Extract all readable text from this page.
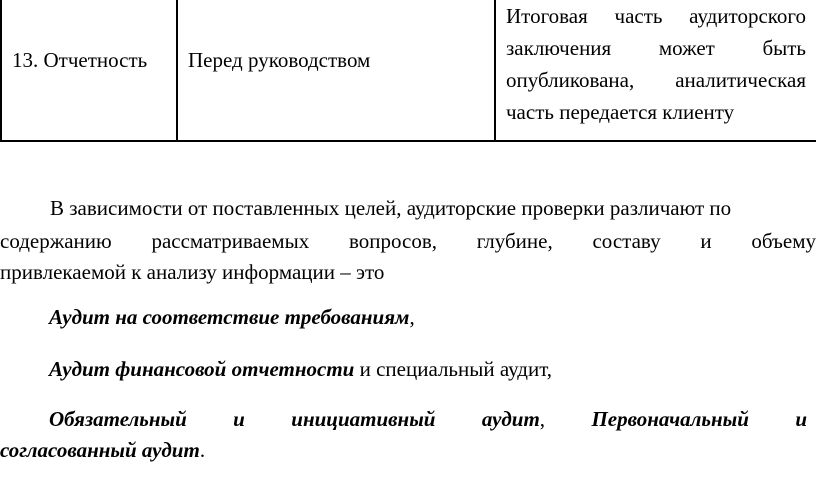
13. Отчетность Перед руководством
Итоговая часть аудиторского
заключения может быть
опубликована, аналитическая
часть передается клиенту
В зависимости от поставленных целей, аудиторские проверки различают по
содержанию рассматриваемых вопросов, глубине, составу и объему
привлекаемой к анализу информации – это
Аудит на соответствие требованиям,
Аудит финансовой отчетности и специальный аудит,
Обязательный и инициативный аудит, Первоначальный и
согласованный аудит.
